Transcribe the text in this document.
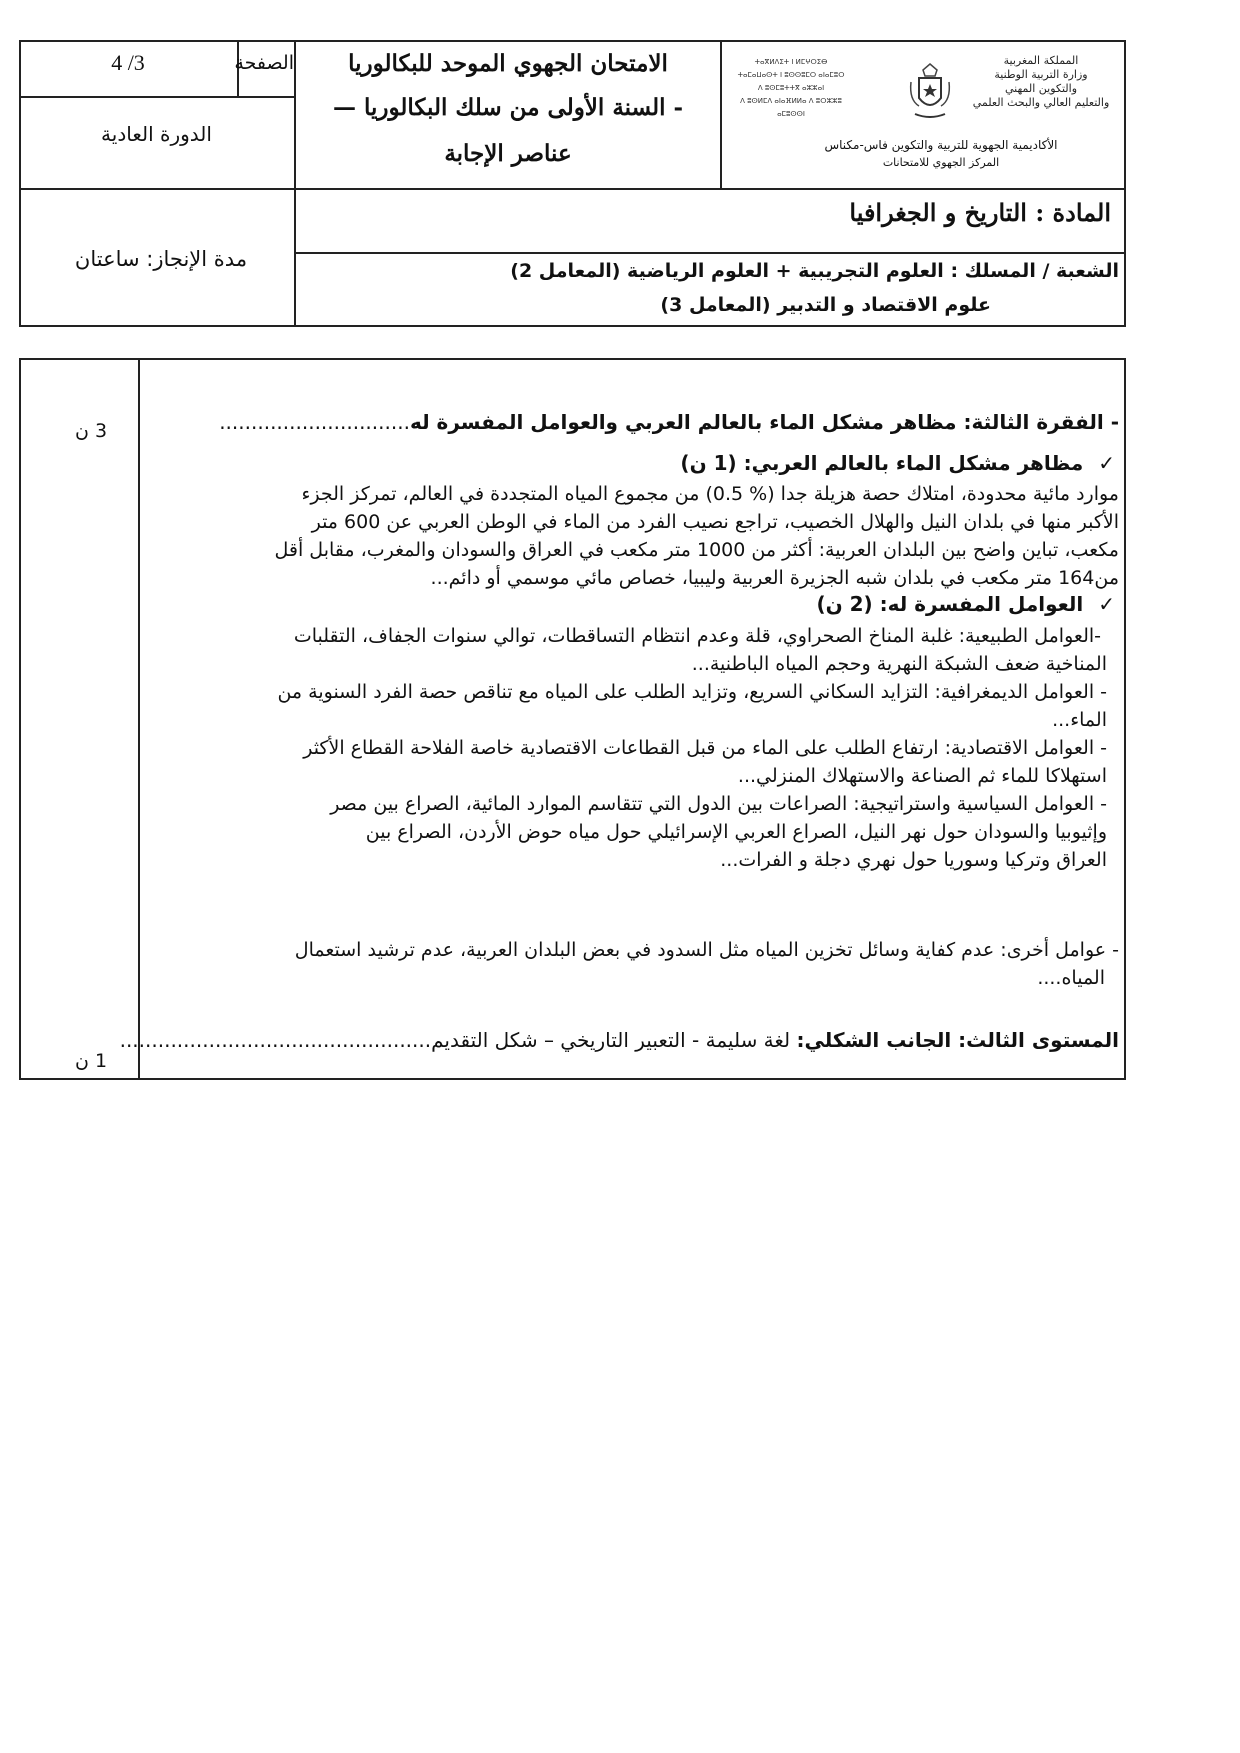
الصفحة
4 /3
الدورة العادية
مدة الإنجاز: ساعتان
الامتحان الجهوي الموحد للبكالوريا
- السنة الأولى من سلك البكالوريا —
عناصر الإجابة
ⵜⴰⴳⵍⴷⵉⵜ ⵏ ⵍⵎⵖⵔⵉⴱ
ⵜⴰⵎⴰⵡⴰⵙⵜ ⵏ ⵓⵙⵙⵓⵎⵔ ⴰⵏⴰⵎⵓⵔ
ⴷ ⵓⵙⵎⵓⵜⵜⴳ ⴰⵣⵣⴰⵏ
ⴷ ⵓⵙⵍⵎⴷ ⴰⵏⴰⴼⵍⵍⴰ ⴷ ⵓⵔⵣⵣⵓ ⴰⵎⵓⵙⵙⵏ
المملكة المغربية
وزارة التربية الوطنية
والتكوين المهني
والتعليم العالي والبحث العلمي
الأكاديمية الجهوية للتربية والتكوين فاس-مكناس
المركز الجهوي للامتحانات
المادة : التاريخ و الجغرافيا
الشعبة / المسلك : العلوم التجريبية + العلوم الرياضية (المعامل 2)
علوم الاقتصاد و التدبير (المعامل 3)
3 ن
1 ن
- الفقرة الثالثة: مظاهر مشكل الماء بالعالم العربي والعوامل المفسرة له..............................
✓ مظاهر مشكل الماء بالعالم العربي: (1 ن)
موارد مائية محدودة، امتلاك حصة هزيلة جدا (% 0.5) من مجموع المياه المتجددة في العالم، تمركز الجزء
الأكبر منها في بلدان النيل والهلال الخصيب، تراجع نصيب الفرد من الماء في الوطن العربي عن 600 متر
مكعب، تباين واضح بين البلدان العربية: أكثر من 1000 متر مكعب في العراق والسودان والمغرب، مقابل أقل
من164 متر مكعب في بلدان شبه الجزيرة العربية وليبيا، خصاص مائي موسمي أو دائم...
✓ العوامل المفسرة له: (2 ن)
-العوامل الطبيعية: غلبة المناخ الصحراوي، قلة وعدم انتظام التساقطات، توالي سنوات الجفاف، التقلبات
المناخية ضعف الشبكة النهرية وحجم المياه الباطنية...
- العوامل الديمغرافية: التزايد السكاني السريع، وتزايد الطلب على المياه مع تناقص حصة الفرد السنوية من
الماء...
- العوامل الاقتصادية: ارتفاع الطلب على الماء من قبل القطاعات الاقتصادية خاصة الفلاحة القطاع الأكثر
استهلاكا للماء ثم الصناعة والاستهلاك المنزلي...
- العوامل السياسية واستراتيجية: الصراعات بين الدول التي تتقاسم الموارد المائية، الصراع بين مصر
وإثيوبيا والسودان حول نهر النيل، الصراع العربي الإسرائيلي حول مياه حوض الأردن، الصراع بين
العراق وتركيا وسوريا حول نهري دجلة و الفرات...
- عوامل أخرى: عدم كفاية وسائل تخزين المياه مثل السدود في بعض البلدان العربية، عدم ترشيد استعمال
المياه....
المستوى الثالث: الجانب الشكلي: لغة سليمة - التعبير التاريخي – شكل التقديم.................................................
